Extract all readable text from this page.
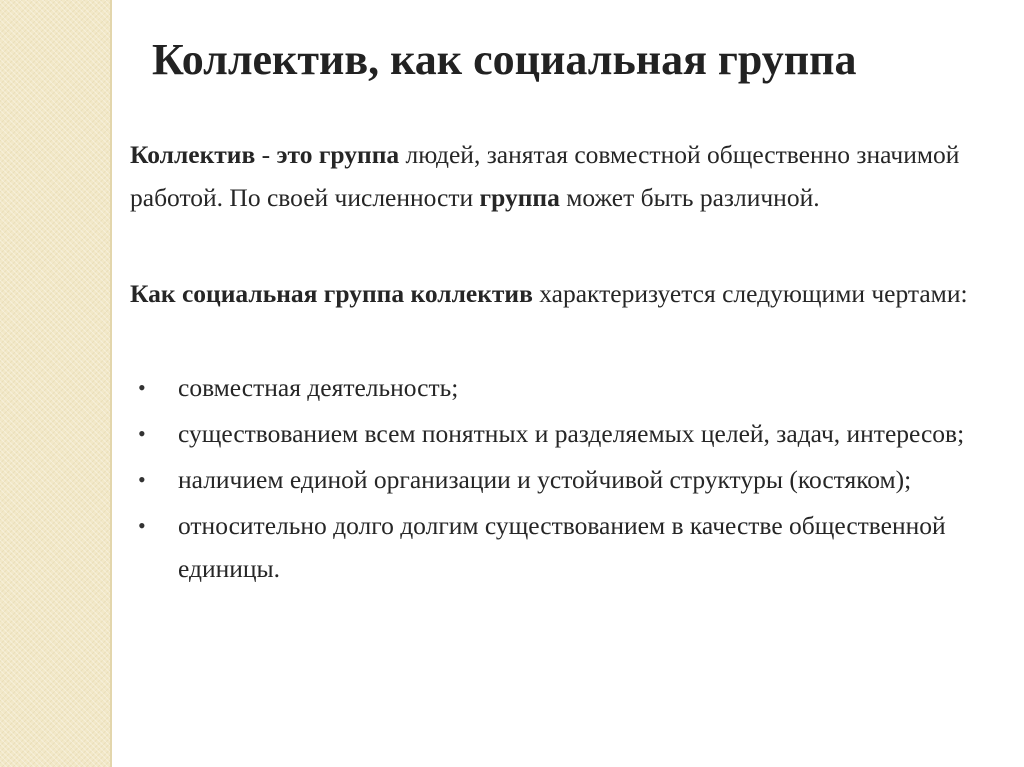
Коллектив, как социальная группа
Коллектив - это группа людей, занятая совместной общественно значимой работой. По своей численности группа может быть различной.
Как социальная группа коллектив характеризуется следующими чертами:
• совместная деятельность;
• существованием всем понятных и разделяемых целей, задач, интересов;
• наличием единой организации и устойчивой структуры (костяком);
• относительно долго долгим существованием в качестве общественной единицы.
